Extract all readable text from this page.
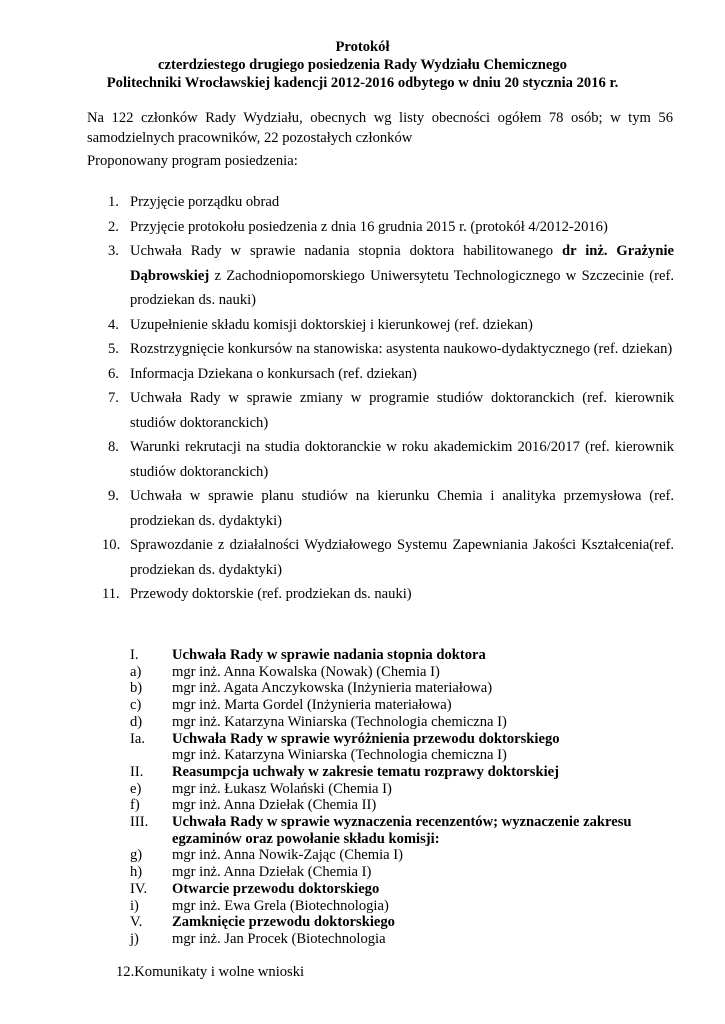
Protokół
czterdziestego drugiego posiedzenia Rady Wydziału Chemicznego
Politechniki Wrocławskiej kadencji 2012-2016 odbytego w dniu 20 stycznia 2016 r.
Na 122 członków Rady Wydziału, obecnych wg listy obecności ogółem 78 osób; w tym 56 samodzielnych pracowników, 22 pozostałych członków
Proponowany program posiedzenia:
1. Przyjęcie porządku obrad
2. Przyjęcie protokołu posiedzenia z dnia 16 grudnia 2015 r. (protokół 4/2012-2016)
3. Uchwała Rady w sprawie nadania stopnia doktora habilitowanego dr inż. Grażynie Dąbrowskiej z Zachodniopomorskiego Uniwersytetu Technologicznego w Szczecinie (ref. prodziekan ds. nauki)
4. Uzupełnienie składu komisji doktorskiej i kierunkowej (ref. dziekan)
5. Rozstrzygnięcie konkursów na stanowiska: asystenta naukowo-dydaktycznego (ref. dziekan)
6. Informacja Dziekana o konkursach (ref. dziekan)
7. Uchwała Rady w sprawie zmiany w programie studiów doktoranckich (ref. kierownik studiów doktoranckich)
8. Warunki rekrutacji na studia doktoranckie w roku akademickim 2016/2017 (ref. kierownik studiów doktoranckich)
9. Uchwała w sprawie planu studiów na kierunku Chemia i analityka przemysłowa (ref. prodziekan ds. dydaktyki)
10. Sprawozdanie z działalności Wydziałowego Systemu Zapewniania Jakości Kształcenia(ref. prodziekan ds. dydaktyki)
11. Przewody doktorskie (ref. prodziekan ds. nauki)
I. Uchwała Rady w sprawie nadania stopnia doktora
a) mgr inż. Anna Kowalska (Nowak) (Chemia I)
b) mgr inż. Agata Anczykowska (Inżynieria materiałowa)
c) mgr inż. Marta Gordel (Inżynieria materiałowa)
d) mgr inż. Katarzyna Winiarska (Technologia chemiczna I)
Ia. Uchwała Rady w sprawie wyróżnienia przewodu doktorskiego
mgr inż. Katarzyna Winiarska (Technologia chemiczna I)
II. Reasumpcja uchwały w zakresie tematu rozprawy doktorskiej
e) mgr inż. Łukasz Wolański (Chemia I)
f) mgr inż. Anna Dziełak (Chemia II)
III. Uchwała Rady w sprawie wyznaczenia recenzentów; wyznaczenie zakresu egzaminów oraz powołanie składu komisji:
g) mgr inż. Anna Nowik-Zając (Chemia I)
h) mgr inż. Anna Dziełak (Chemia I)
IV. Otwarcie przewodu doktorskiego
i) mgr inż. Ewa Grela (Biotechnologia)
V. Zamknięcie przewodu doktorskiego
j) mgr inż. Jan Procek (Biotechnologia
12.Komunikaty i wolne wnioski
